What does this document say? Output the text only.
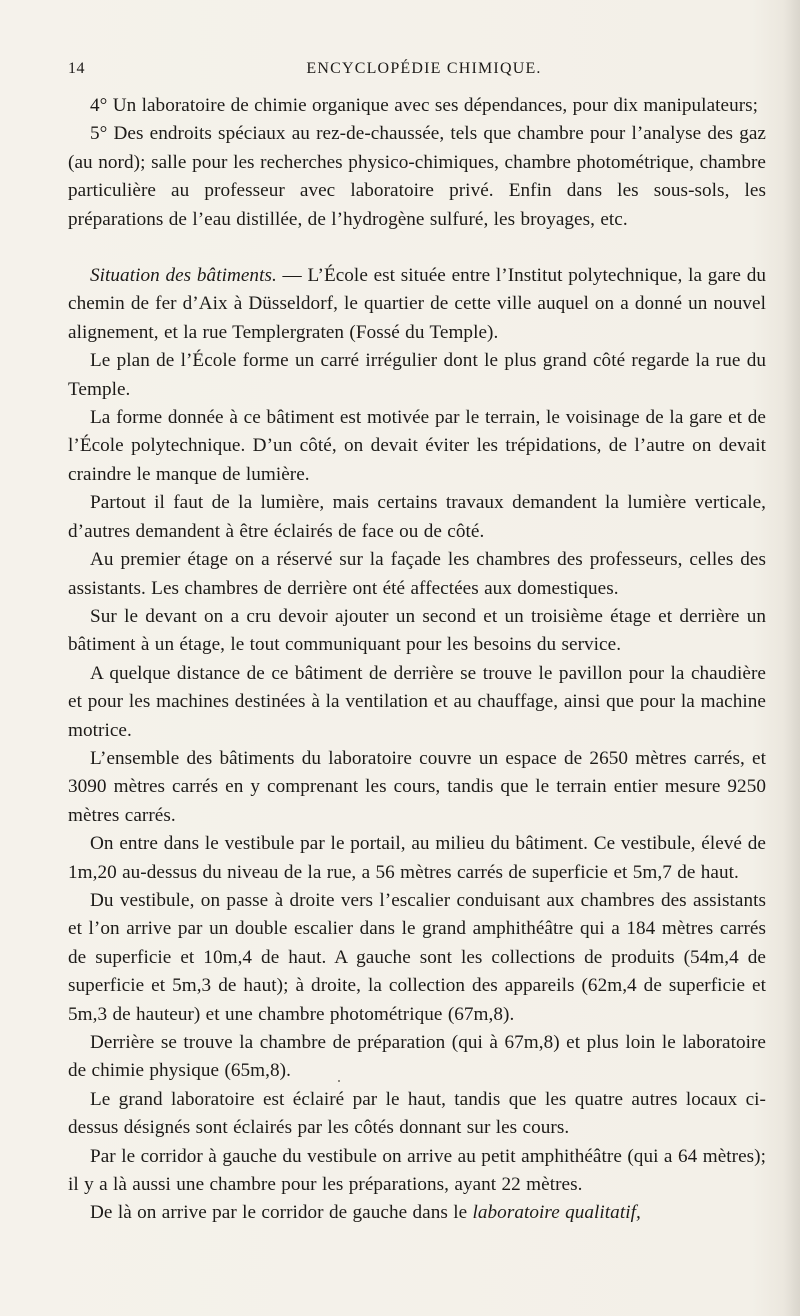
14	ENCYCLOPÉDIE CHIMIQUE.

4° Un laboratoire de chimie organique avec ses dépendances, pour dix manipulateurs;

5° Des endroits spéciaux au rez-de-chaussée, tels que chambre pour l’analyse des gaz (au nord); salle pour les recherches physico-chimiques, chambre photométrique, chambre particulière au professeur avec laboratoire privé. Enfin dans les sous-sols, les préparations de l’eau distillée, de l’hydrogène sulfuré, les broyages, etc.

Situation des bâtiments. — L’École est située entre l’Institut polytechnique, la gare du chemin de fer d’Aix à Düsseldorf, le quartier de cette ville auquel on a donné un nouvel alignement, et la rue Templergraten (Fossé du Temple).

Le plan de l’École forme un carré irrégulier dont le plus grand côté regarde la rue du Temple.

La forme donnée à ce bâtiment est motivée par le terrain, le voisinage de la gare et de l’École polytechnique. D’un côté, on devait éviter les trépidations, de l’autre on devait craindre le manque de lumière.

Partout il faut de la lumière, mais certains travaux demandent la lumière verticale, d’autres demandent à être éclairés de face ou de côté.

Au premier étage on a réservé sur la façade les chambres des professeurs, celles des assistants. Les chambres de derrière ont été affectées aux domestiques.

Sur le devant on a cru devoir ajouter un second et un troisième étage et derrière un bâtiment à un étage, le tout communiquant pour les besoins du service.

A quelque distance de ce bâtiment de derrière se trouve le pavillon pour la chaudière et pour les machines destinées à la ventilation et au chauffage, ainsi que pour la machine motrice.

L’ensemble des bâtiments du laboratoire couvre un espace de 2650 mètres carrés, et 3090 mètres carrés en y comprenant les cours, tandis que le terrain entier mesure 9250 mètres carrés.

On entre dans le vestibule par le portail, au milieu du bâtiment. Ce vestibule, élevé de 1m,20 au-dessus du niveau de la rue, a 56 mètres carrés de superficie et 5m,7 de haut.

Du vestibule, on passe à droite vers l’escalier conduisant aux chambres des assistants et l’on arrive par un double escalier dans le grand amphithéâtre qui a 184 mètres carrés de superficie et 10m,4 de haut. A gauche sont les collections de produits (54m,4 de superficie et 5m,3 de haut); à droite, la collection des appareils (62m,4 de superficie et 5m,3 de hauteur) et une chambre photométrique (67m,8).

Derrière se trouve la chambre de préparation (qui à 67m,8) et plus loin le laboratoire de chimie physique (65m,8).

Le grand laboratoire est éclairé par le haut, tandis que les quatre autres locaux ci-dessus désignés sont éclairés par les côtés donnant sur les cours.

Par le corridor à gauche du vestibule on arrive au petit amphithéâtre (qui a 64 mètres); il y a là aussi une chambre pour les préparations, ayant 22 mètres.

De là on arrive par le corridor de gauche dans le laboratoire qualitatif,
